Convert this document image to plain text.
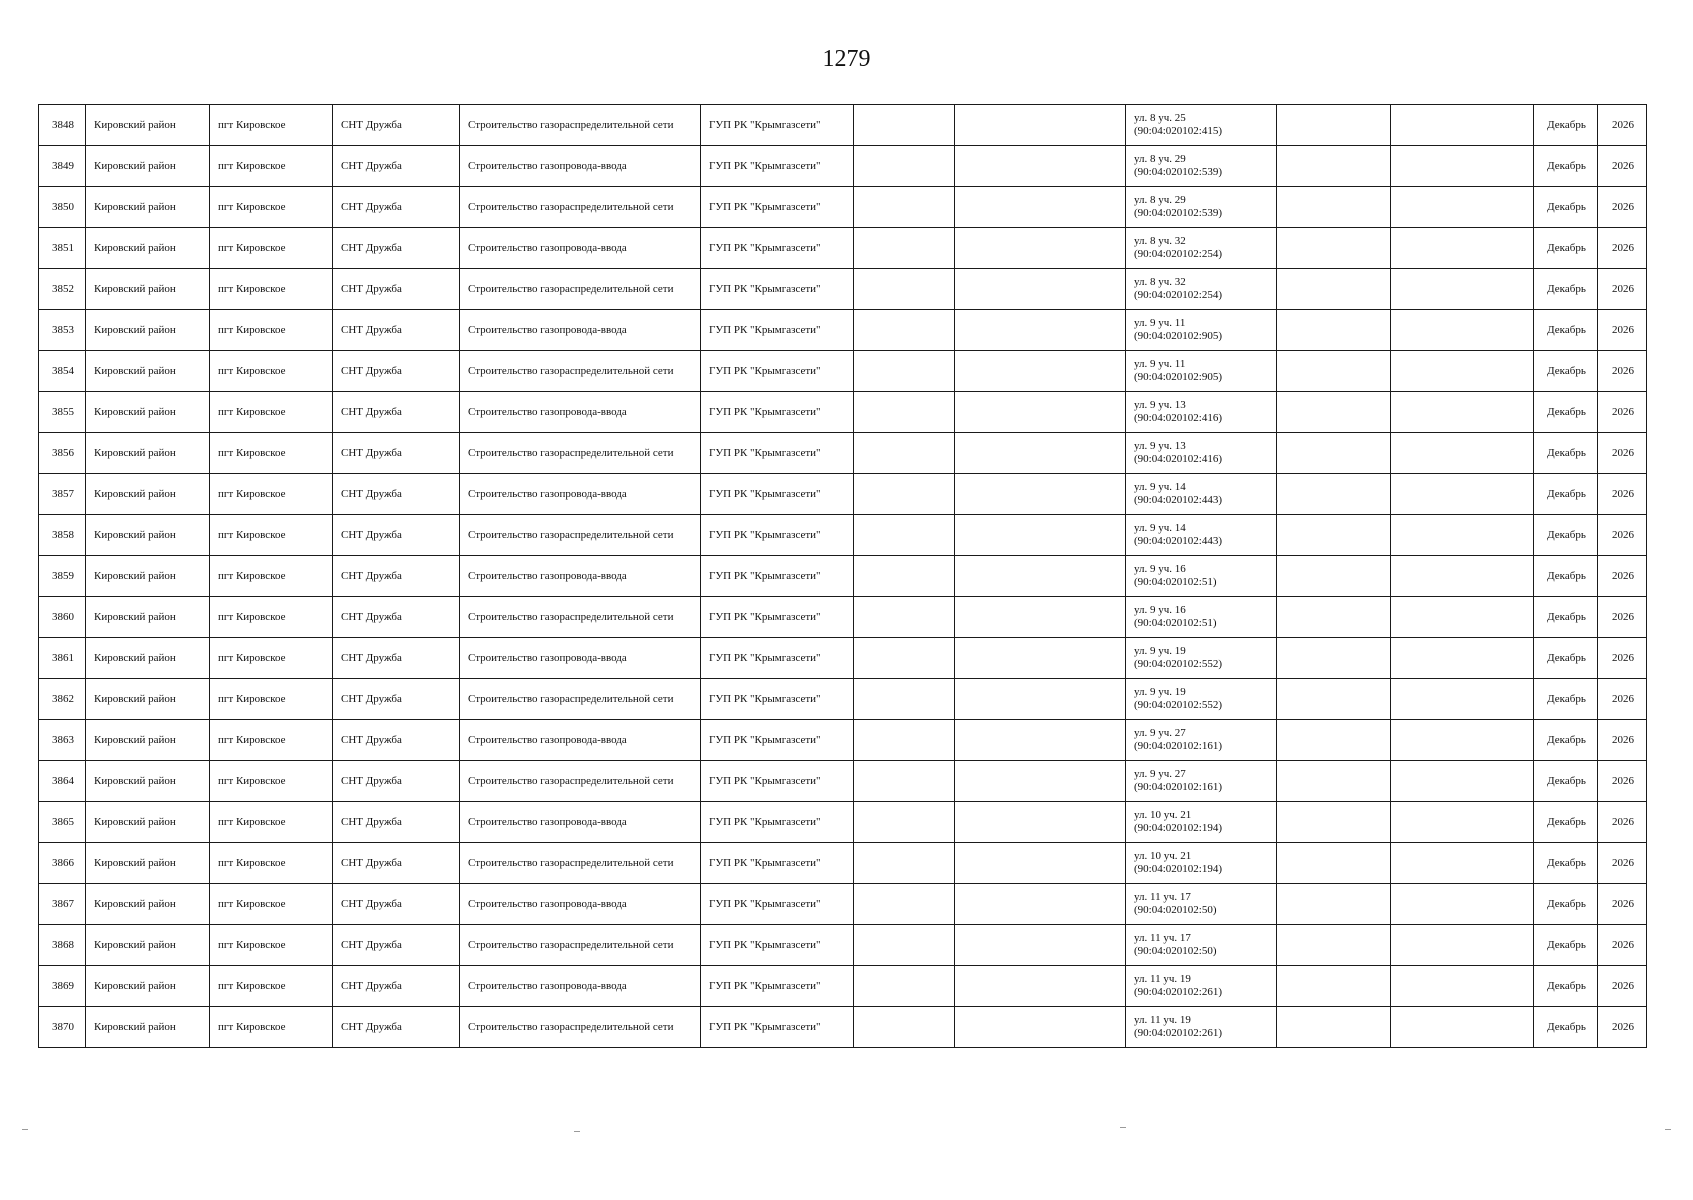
1279
3848	Кировский район	пгт Кировское	СНТ Дружба	Строительство газораспределительной сети	ГУП РК "Крымгазсети"			ул. 8 уч. 25
(90:04:020102:415)			Декабрь	2026
3849	Кировский район	пгт Кировское	СНТ Дружба	Строительство газопровода-ввода	ГУП РК "Крымгазсети"			ул. 8 уч. 29
(90:04:020102:539)			Декабрь	2026
3850	Кировский район	пгт Кировское	СНТ Дружба	Строительство газораспределительной сети	ГУП РК "Крымгазсети"			ул. 8 уч. 29
(90:04:020102:539)			Декабрь	2026
3851	Кировский район	пгт Кировское	СНТ Дружба	Строительство газопровода-ввода	ГУП РК "Крымгазсети"			ул. 8 уч. 32
(90:04:020102:254)			Декабрь	2026
3852	Кировский район	пгт Кировское	СНТ Дружба	Строительство газораспределительной сети	ГУП РК "Крымгазсети"			ул. 8 уч. 32
(90:04:020102:254)			Декабрь	2026
3853	Кировский район	пгт Кировское	СНТ Дружба	Строительство газопровода-ввода	ГУП РК "Крымгазсети"			ул. 9 уч. 11
(90:04:020102:905)			Декабрь	2026
3854	Кировский район	пгт Кировское	СНТ Дружба	Строительство газораспределительной сети	ГУП РК "Крымгазсети"			ул. 9 уч. 11
(90:04:020102:905)			Декабрь	2026
3855	Кировский район	пгт Кировское	СНТ Дружба	Строительство газопровода-ввода	ГУП РК "Крымгазсети"			ул. 9 уч. 13
(90:04:020102:416)			Декабрь	2026
3856	Кировский район	пгт Кировское	СНТ Дружба	Строительство газораспределительной сети	ГУП РК "Крымгазсети"			ул. 9 уч. 13
(90:04:020102:416)			Декабрь	2026
3857	Кировский район	пгт Кировское	СНТ Дружба	Строительство газопровода-ввода	ГУП РК "Крымгазсети"			ул. 9 уч. 14
(90:04:020102:443)			Декабрь	2026
3858	Кировский район	пгт Кировское	СНТ Дружба	Строительство газораспределительной сети	ГУП РК "Крымгазсети"			ул. 9 уч. 14
(90:04:020102:443)			Декабрь	2026
3859	Кировский район	пгт Кировское	СНТ Дружба	Строительство газопровода-ввода	ГУП РК "Крымгазсети"			ул. 9 уч. 16
(90:04:020102:51)			Декабрь	2026
3860	Кировский район	пгт Кировское	СНТ Дружба	Строительство газораспределительной сети	ГУП РК "Крымгазсети"			ул. 9 уч. 16
(90:04:020102:51)			Декабрь	2026
3861	Кировский район	пгт Кировское	СНТ Дружба	Строительство газопровода-ввода	ГУП РК "Крымгазсети"			ул. 9 уч. 19
(90:04:020102:552)			Декабрь	2026
3862	Кировский район	пгт Кировское	СНТ Дружба	Строительство газораспределительной сети	ГУП РК "Крымгазсети"			ул. 9 уч. 19
(90:04:020102:552)			Декабрь	2026
3863	Кировский район	пгт Кировское	СНТ Дружба	Строительство газопровода-ввода	ГУП РК "Крымгазсети"			ул. 9 уч. 27
(90:04:020102:161)			Декабрь	2026
3864	Кировский район	пгт Кировское	СНТ Дружба	Строительство газораспределительной сети	ГУП РК "Крымгазсети"			ул. 9 уч. 27
(90:04:020102:161)			Декабрь	2026
3865	Кировский район	пгт Кировское	СНТ Дружба	Строительство газопровода-ввода	ГУП РК "Крымгазсети"			ул. 10 уч. 21
(90:04:020102:194)			Декабрь	2026
3866	Кировский район	пгт Кировское	СНТ Дружба	Строительство газораспределительной сети	ГУП РК "Крымгазсети"			ул. 10 уч. 21
(90:04:020102:194)			Декабрь	2026
3867	Кировский район	пгт Кировское	СНТ Дружба	Строительство газопровода-ввода	ГУП РК "Крымгазсети"			ул. 11 уч. 17
(90:04:020102:50)			Декабрь	2026
3868	Кировский район	пгт Кировское	СНТ Дружба	Строительство газораспределительной сети	ГУП РК "Крымгазсети"			ул. 11 уч. 17
(90:04:020102:50)			Декабрь	2026
3869	Кировский район	пгт Кировское	СНТ Дружба	Строительство газопровода-ввода	ГУП РК "Крымгазсети"			ул. 11 уч. 19
(90:04:020102:261)			Декабрь	2026
3870	Кировский район	пгт Кировское	СНТ Дружба	Строительство газораспределительной сети	ГУП РК "Крымгазсети"			ул. 11 уч. 19
(90:04:020102:261)			Декабрь	2026
